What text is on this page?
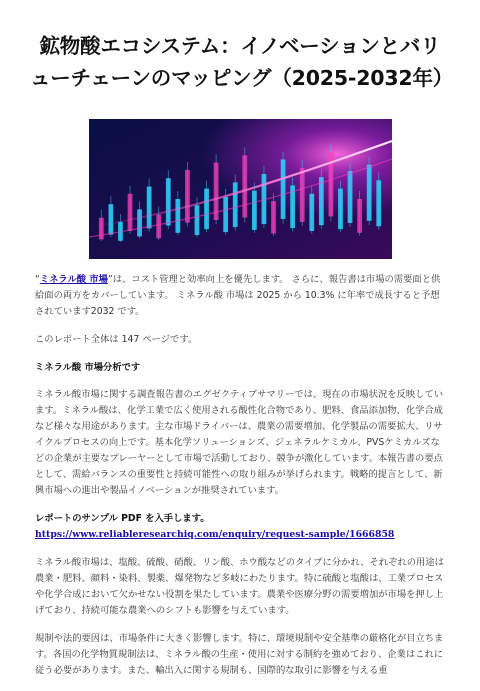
鉱物酸エコシステム：イノベーションとバリューチェーンのマッピング（2025-2032年）

“ミネラル酸 市場”は、コスト管理と効率向上を優先します。 さらに、報告書は市場の需要面と供給面の両方をカバーしています。 ミネラル酸 市場は 2025 から 10.3% に年率で成長すると予想されています2032 です。

このレポート全体は 147 ページです。

ミネラル酸 市場分析です

ミネラル酸市場に関する調査報告書のエグゼクティブサマリーでは、現在の市場状況を反映しています。ミネラル酸は、化学工業で広く使用される酸性化合物であり、肥料、食品添加物、化学合成など様々な用途があります。主な市場ドライバーは、農業の需要増加、化学製品の需要拡大、リサイクルプロセスの向上です。基本化学ソリューションズ、ジェネラルケミカル、PVSケミカルズなどの企業が主要なプレーヤーとして市場で活動しており、競争が激化しています。本報告書の要点として、需給バランスの重要性と持続可能性への取り組みが挙げられます。戦略的提言として、新興市場への進出や製品イノベーションが推奨されています。

レポートのサンプル PDF を入手します。 https://www.reliableresearchiq.com/enquiry/request-sample/1666858

ミネラル酸市場は、塩酸、硫酸、硝酸、リン酸、ホウ酸などのタイプに分かれ、それぞれの用途は農業・肥料、顔料・染料、製薬、爆発物など多岐にわたります。特に硫酸と塩酸は、工業プロセスや化学合成において欠かせない役割を果たしています。農業や医療分野の需要増加が市場を押し上げており、持続可能な農業へのシフトも影響を与えています。

規制や法的要因は、市場条件に大きく影響します。特に、環境規制や安全基準の厳格化が目立ちます。各国の化学物質規制法は、ミネラル酸の生産・使用に対する制約を強めており、企業はこれに従う必要があります。また、輸出入に関する規制も、国際的な取引に影響を与える重
